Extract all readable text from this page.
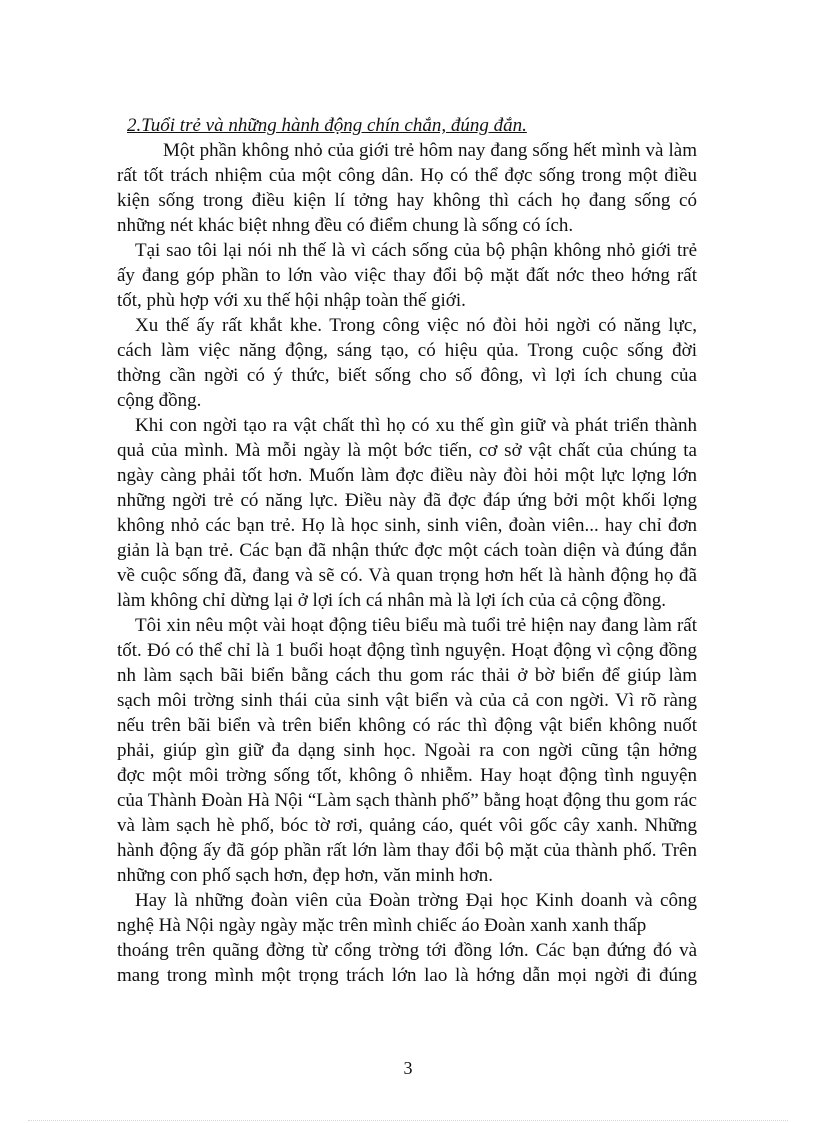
2.Tuổi trẻ và những hành động chín chắn, đúng đắn.
Một phần không nhỏ của giới trẻ hôm nay đang sống hết mình và làm
rất tốt trách nhiệm của một công dân. Họ có thể đợc sống trong một điều
kiện sống trong điều kiện lí tởng hay không thì cách họ đang sống có
những nét khác biệt nhng đều có điểm chung là sống có ích.
Tại sao tôi lại nói nh thế là vì cách sống của bộ phận không nhỏ giới trẻ
ấy đang góp phần to lớn vào việc thay đổi bộ mặt đất nớc theo hớng rất
tốt, phù hợp với xu thế hội nhập toàn thế giới.
Xu thế ấy rất khắt khe. Trong công việc nó đòi hỏi ngời có năng lực,
cách làm việc năng động, sáng tạo, có hiệu qủa. Trong cuộc sống đời
thờng cần ngời có ý thức, biết sống cho số đông, vì lợi ích chung của
cộng đồng.
Khi con ngời tạo ra vật chất thì họ có xu thế gìn giữ và phát triển thành
quả của mình. Mà mỗi ngày là một bớc tiến, cơ sở vật chất của chúng ta
ngày càng phải tốt hơn. Muốn làm đợc điều này đòi hỏi một lực lợng lớn
những ngời trẻ có năng lực. Điều này đã đợc đáp ứng bởi một khối lợng
không nhỏ các bạn trẻ. Họ là học sinh, sinh viên, đoàn viên... hay chỉ đơn
giản là bạn trẻ. Các bạn đã nhận thức đợc một cách toàn diện và đúng đắn
về cuộc sống đã, đang và sẽ có. Và quan trọng hơn hết là hành động họ đã
làm không chỉ dừng lại ở lợi ích cá nhân mà là lợi ích của cả cộng đồng.
Tôi xin nêu một vài hoạt động tiêu biểu mà tuổi trẻ hiện nay đang làm rất
tốt. Đó có thể chỉ là 1 buổi hoạt động tình nguyện. Hoạt động vì cộng đồng
nh làm sạch bãi biển bằng cách thu gom rác thải ở bờ biển để giúp làm
sạch môi trờng sinh thái của sinh vật biển và của cả con ngời. Vì rõ ràng
nếu trên bãi biển và trên biển không có rác thì động vật biển không nuốt
phải, giúp gìn giữ đa dạng sinh học. Ngoài ra con ngời cũng tận hởng
đợc một môi trờng sống tốt, không ô nhiễm. Hay hoạt động tình nguyện
của Thành Đoàn Hà Nội “Làm sạch thành phố” bằng hoạt động thu gom rác
và làm sạch hè phố, bóc tờ rơi, quảng cáo, quét vôi gốc cây xanh. Những
hành động ấy đã góp phần rất lớn làm thay đổi bộ mặt của thành phố. Trên
những con phố sạch hơn, đẹp hơn, văn minh hơn.
Hay là những đoàn viên của Đoàn trờng Đại học Kinh doanh và công
nghệ Hà Nội ngày ngày mặc trên mình chiếc áo Đoàn xanh xanh thấp
thoáng trên quãng đờng từ cổng trờng tới đồng lớn. Các bạn đứng đó và
mang trong mình một trọng trách lớn lao là hớng dẫn mọi ngời đi đúng
3
